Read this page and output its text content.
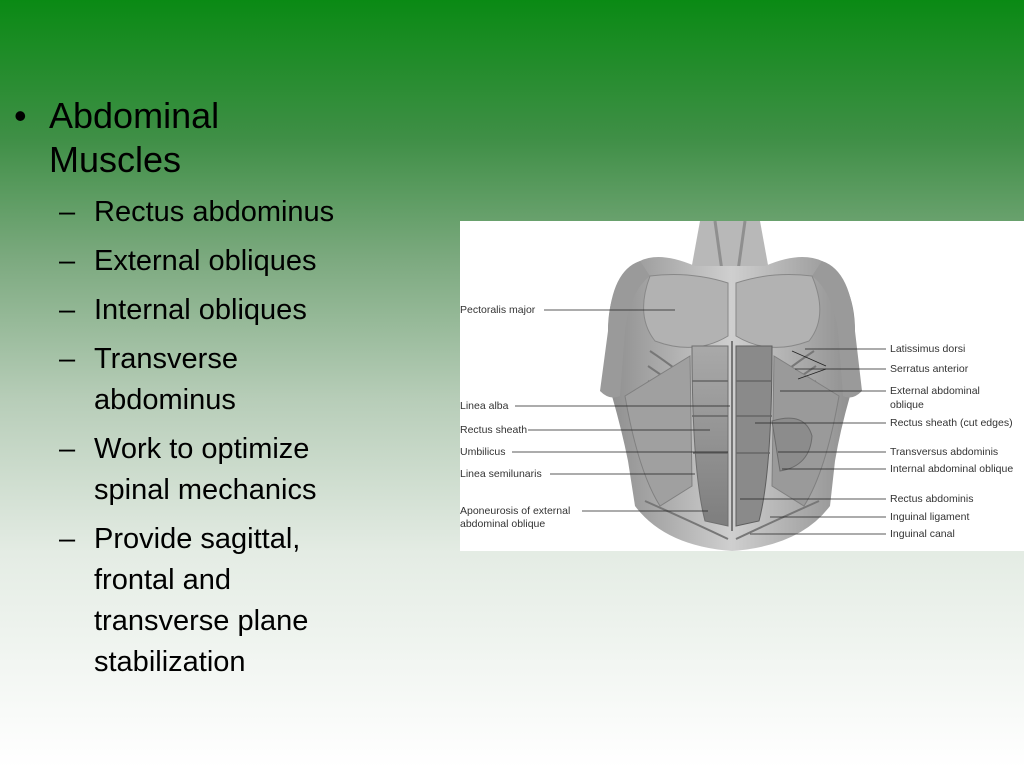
• Abdominal Muscles
– Rectus abdominus
– External obliques
– Internal obliques
– Transverse abdominus
– Work to optimize spinal mechanics
– Provide sagittal, frontal and transverse plane stabilization
Pectoralis major
Linea alba
Rectus sheath
Umbilicus
Linea semilunaris
Aponeurosis of external
abdominal oblique
Latissimus dorsi
Serratus anterior
External abdominal
oblique
Rectus sheath (cut edges)
Transversus abdominis
Internal abdominal oblique
Rectus abdominis
Inguinal ligament
Inguinal canal
